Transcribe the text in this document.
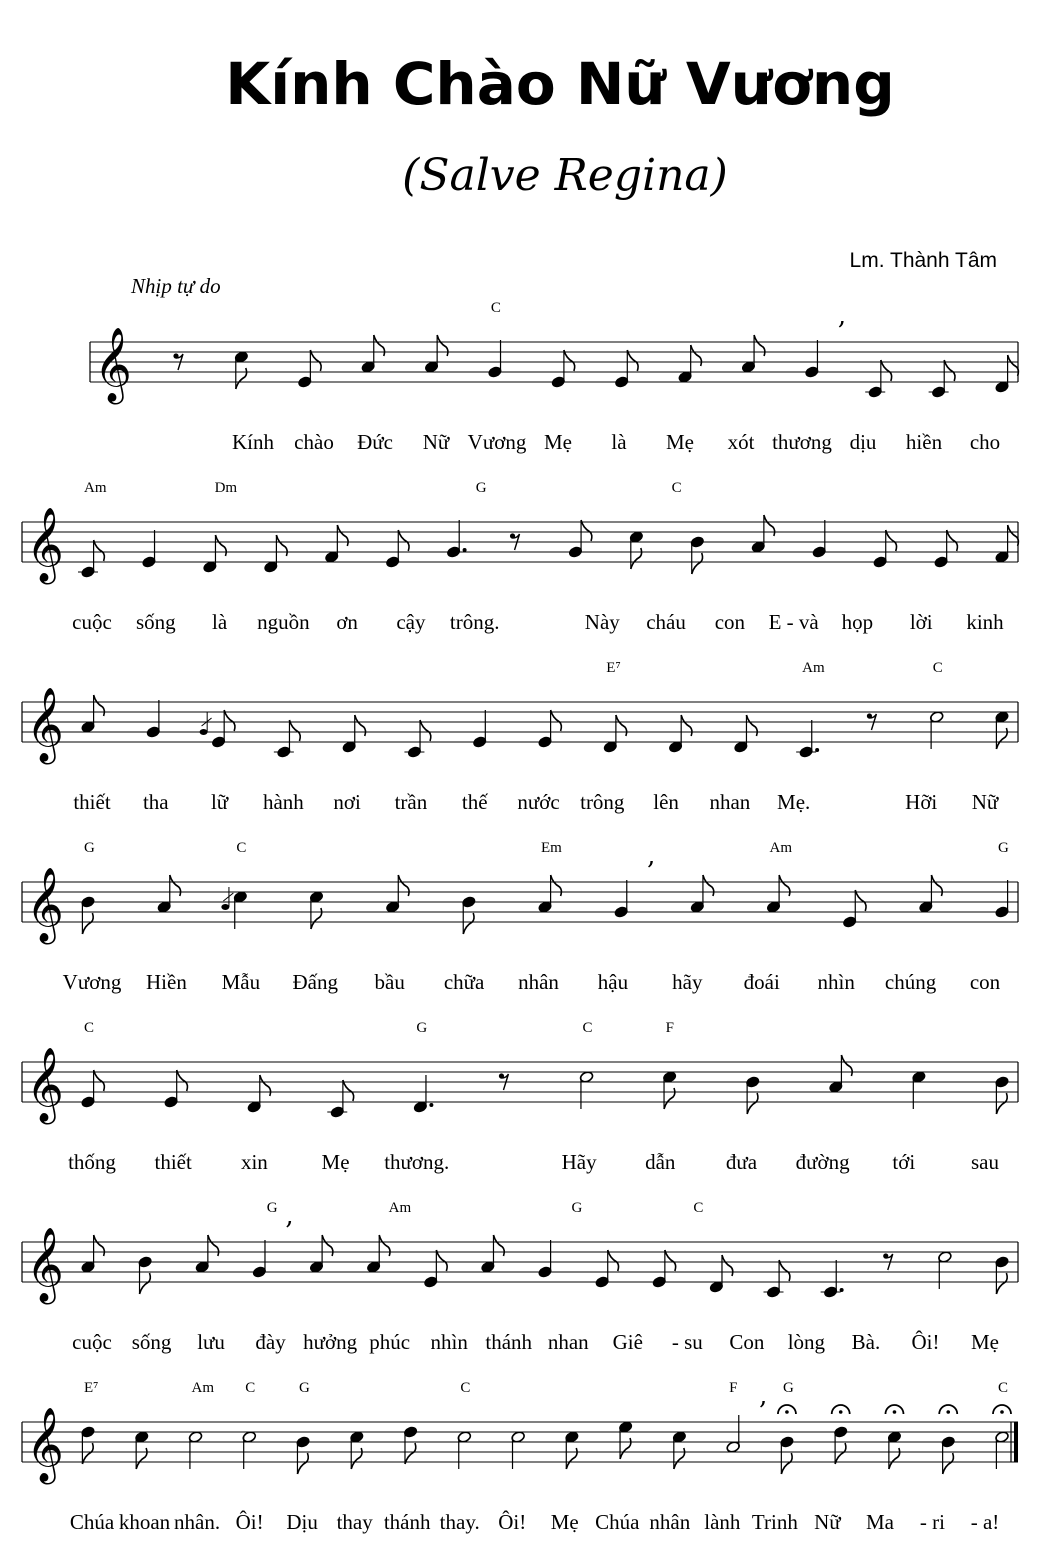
Kính Chào Nữ Vương
(Salve Regina)
Lm. Thành Tâm
Nhịp tự do
𝄞
,
C
Kính chào Đức Nữ Vương Mẹ là Mẹ xót thương dịu hiền cho
𝄞
Am	Dm	G	C
cuộc sống là nguồn ơn cậy trông.	Này cháu con E - và họp lời kinh
𝄞
E⁷	Am	C
thiết tha lữ hành nơi trần thế nước trông lên nhan Mẹ.	Hỡi Nữ
𝄞
,
G	C	Em	Am	G
Vương Hiền Mẫu Đấng bầu chữa nhân hậu hãy đoái nhìn chúng con
𝄞
C	G	C	F
thống thiết xin	Mẹ thương.	Hãy dẫn đưa đường tới	sau
𝄞
,
G	Am	G	C
cuộc sống lưu đày hưởng phúc nhìn thánh nhan Giê - su Con lòng Bà. Ôi! Mẹ
𝄞
,
E⁷	Am C	G	C	F	G	C
Chúa khoan nhân. Ôi! Dịu thay thánh thay. Ôi! Mẹ Chúa nhân lành Trinh Nữ Ma - ri - a!
